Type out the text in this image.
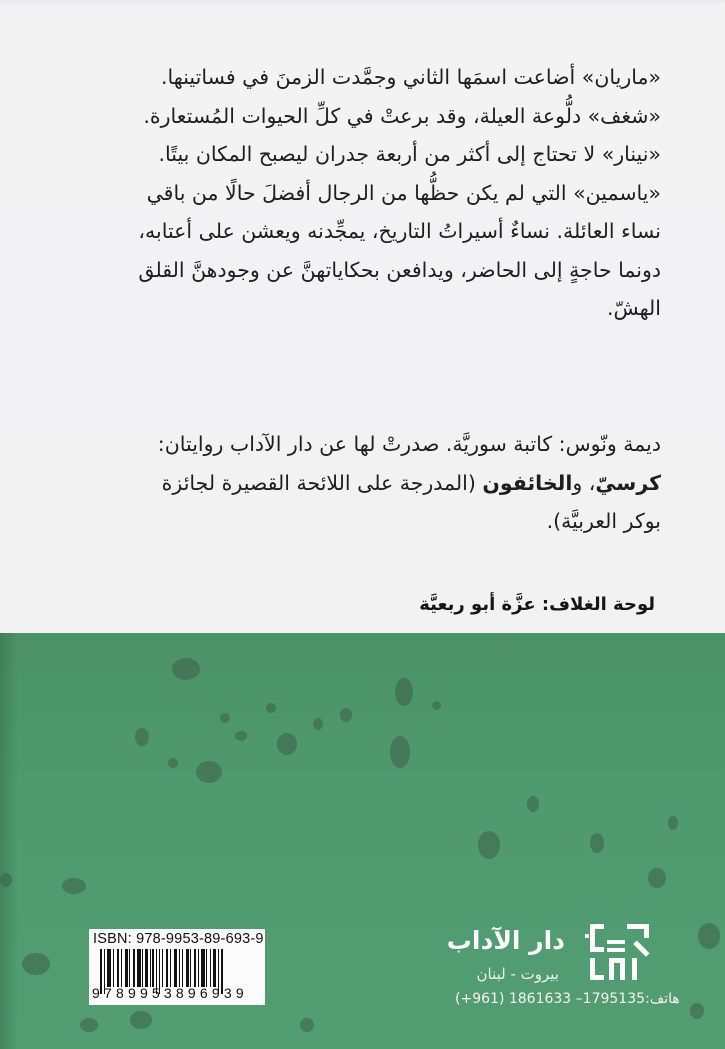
«ماريان» أضاعت اسمَها الثاني وجمَّدت الزمنَ في فساتينها.

«شغف» دلُّوعة العيلة، وقد برعتْ في كلِّ الحيوات المُستعارة.

«نينار» لا تحتاج إلى أكثر من أربعة جدران ليصبح المكان بيتًا.

«ياسمين» التي لم يكن حظُّها من الرجال أفضلَ حالًا من باقي

نساء العائلة. نساءٌ أسيراتُ التاريخ، يمجِّدنه ويعشن على أعتابه،

دونما حاجةٍ إلى الحاضر، ويدافعن بحكاياتهنَّ عن وجودهنَّ القلق

الهشّ.

ديمة ونّوس: كاتبة سوريَّة. صدرتْ لها عن دار الآداب روايتان:
كرسيّ، والخائفون (المدرجة على اللائحة القصيرة لجائزة
بوكر العربيَّة).
لوحة الغلاف: عزَّة أبو ربعيَّة
ISBN: 978-9953-89-693-9
9789953896939
دار الآداب
بيروت - لبنان
هاتف:1795135– 1861633 (961+)
